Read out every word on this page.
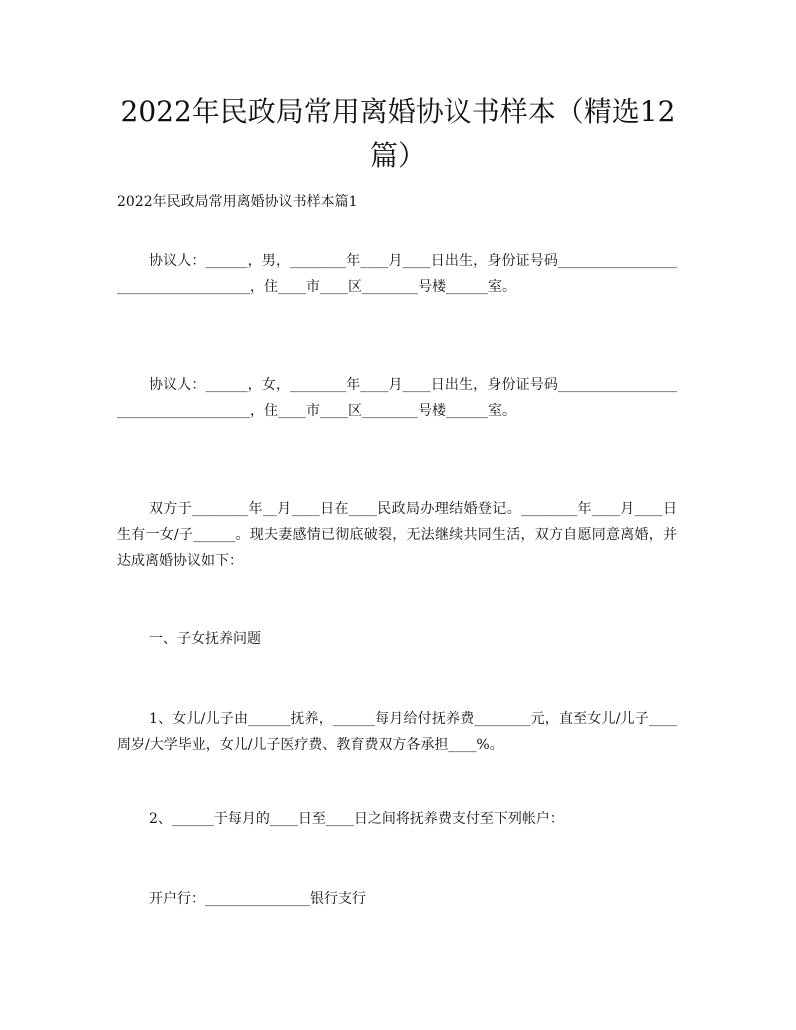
2022年民政局常用离婚协议书样本（精选12篇）
2022年民政局常用离婚协议书样本篇1

协议人：______，男，________年____月____日出生，身份证号码____________________________________，住____市____区________号楼______室。

协议人：______，女，________年____月____日出生，身份证号码____________________________________，住____市____区________号楼______室。

双方于________年__月____日在____民政局办理结婚登记。________年____月____日生有一女/子______。现夫妻感情已彻底破裂，无法继续共同生活，双方自愿同意离婚，并达成离婚协议如下：

一、子女抚养问题

1、女儿/儿子由______抚养，______每月给付抚养费________元，直至女儿/儿子____周岁/大学毕业，女儿/儿子医疗费、教育费双方各承担____%。

2、______于每月的____日至____日之间将抚养费支付至下列帐户：

开户行：_______________银行支行
